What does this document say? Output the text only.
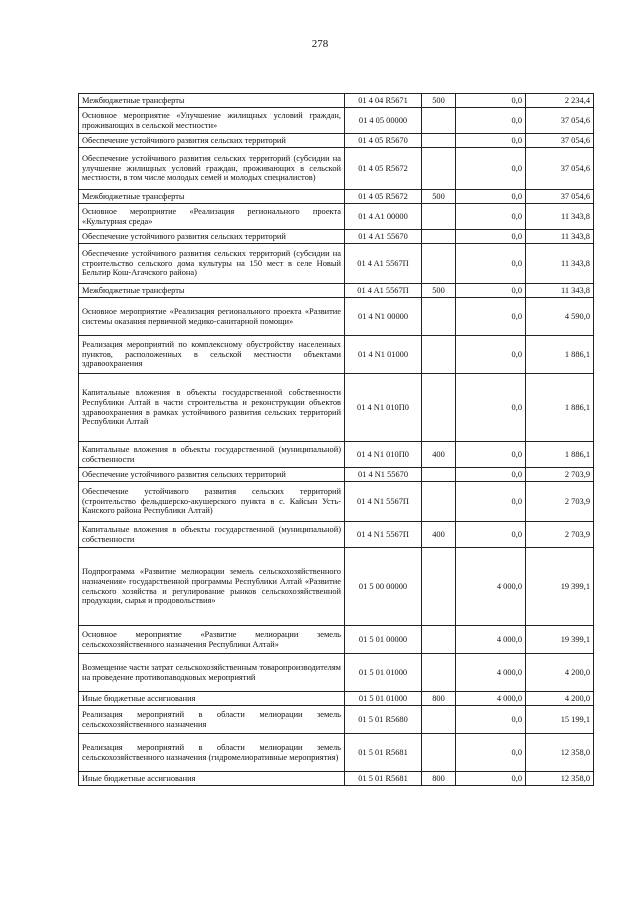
278
Межбюджетные трансферты	01 4 04 R5671	500	0,0	2 234,4
Основное мероприятие «Улучшение жилищных условий граждан, проживающих в сельской местности»	01 4 05 00000		0,0	37 054,6
Обеспечение устойчивого развития сельских территорий	01 4 05 R5670		0,0	37 054,6
Обеспечение устойчивого развития сельских территорий (субсидии на улучшение жилищных условий граждан, проживающих в сельской местности, в том числе молодых семей и молодых специалистов)	01 4 05 R5672		0,0	37 054,6
Межбюджетные трансферты	01 4 05 R5672	500	0,0	37 054,6
Основное мероприятие «Реализация регионального проекта «Культурная среда»	01 4 A1 00000		0,0	11 343,8
Обеспечение устойчивого развития сельских территорий	01 4 A1 55670		0,0	11 343,8
Обеспечение устойчивого развития сельских территорий (субсидии на строительство сельского дома культуры на 150 мест в селе Новый Бельтир Кош-Агачского района)	01 4 A1 5567П		0,0	11 343,8
Межбюджетные трансферты	01 4 A1 5567П	500	0,0	11 343,8
Основное мероприятие «Реализация регионального проекта «Развитие системы оказания первичной медико-санитарной помощи»	01 4 N1 00000		0,0	4 590,0
Реализация мероприятий по комплексному обустройству населенных пунктов, расположенных в сельской местности объектами здравоохранения	01 4 N1 01000		0,0	1 886,1
Капитальные вложения в объекты государственной собственности Республики Алтай в части строительства и реконструкции объектов здравоохранения в рамках устойчивого развития сельских территорий Республики Алтай	01 4 N1 010П0		0,0	1 886,1
Капитальные вложения в объекты государственной (муниципальной) собственности	01 4 N1 010П0	400	0,0	1 886,1
Обеспечение устойчивого развития сельских территорий	01 4 N1 55670		0,0	2 703,9
Обеспечение устойчивого развития сельских территорий (строительство фельдшерско-акушерского пункта в с. Кайсын Усть-Канского района Республики Алтай)	01 4 N1 5567П		0,0	2 703,9
Капитальные вложения в объекты государственной (муниципальной) собственности	01 4 N1 5567П	400	0,0	2 703,9
Подпрограмма «Развитие мелиорации земель сельскохозяйственного назначения» государственной программы Республики Алтай «Развитие сельского хозяйства и регулирование рынков сельскохозяйственной продукции, сырья и продовольствия»	01 5 00 00000		4 000,0	19 399,1
Основное мероприятие «Развитие мелиорации земель сельскохозяйственного назначения Республики Алтай»	01 5 01 00000		4 000,0	19 399,1
Возмещение части затрат сельскохозяйственным товаропроизводителям на проведение противопаводковых мероприятий	01 5 01 01000		4 000,0	4 200,0
Иные бюджетные ассигнования	01 5 01 01000	800	4 000,0	4 200,0
Реализация мероприятий в области мелиорации земель сельскохозяйственного назначения	01 5 01 R5680		0,0	15 199,1
Реализация мероприятий в области мелиорации земель сельскохозяйственного назначения (гидромелиоративные мероприятия)	01 5 01 R5681		0,0	12 358,0
Иные бюджетные ассигнования	01 5 01 R5681	800	0,0	12 358,0
